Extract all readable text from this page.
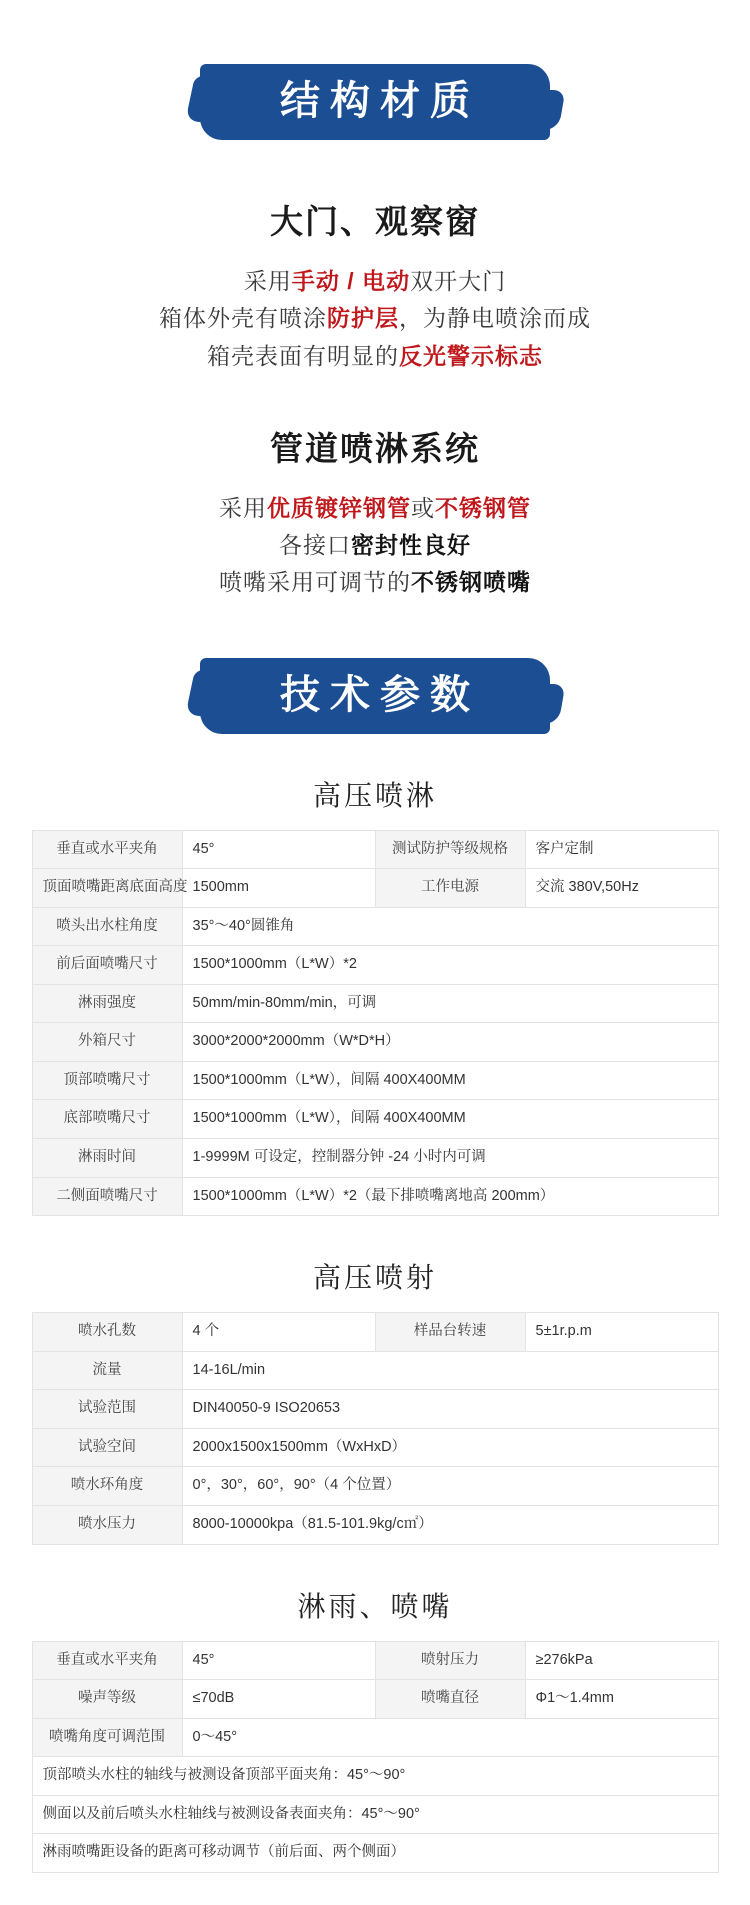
结构材质
大门、观察窗
采用手动 / 电动双开大门
箱体外壳有喷涂防护层，为静电喷涂而成
箱壳表面有明显的反光警示标志
管道喷淋系统
采用优质镀锌钢管或不锈钢管
各接口密封性良好
喷嘴采用可调节的不锈钢喷嘴
技术参数
高压喷淋
垂直或水平夹角	45°	测试防护等级规格	客户定制
顶面喷嘴距离底面高度	1500mm	工作电源	交流 380V,50Hz
喷头出水柱角度	35°～40°圆锥角		
前后面喷嘴尺寸	1500*1000mm（L*W）*2		
淋雨强度	50mm/min-80mm/min，可调		
外箱尺寸	3000*2000*2000mm（W*D*H）		
顶部喷嘴尺寸	1500*1000mm（L*W），间隔 400X400MM		
底部喷嘴尺寸	1500*1000mm（L*W），间隔 400X400MM		
淋雨时间	1-9999M 可设定，控制器分钟 -24 小时内可调		
二侧面喷嘴尺寸	1500*1000mm（L*W）*2（最下排喷嘴离地高 200mm）		
高压喷射
喷水孔数	4 个	样品台转速	5±1r.p.m
流量	14-16L/min		
试验范围	DIN40050-9 ISO20653		
试验空间	2000x1500x1500mm（WxHxD）		
喷水环角度	0°，30°，60°，90°（4 个位置）		
喷水压力	8000-10000kpa（81.5-101.9kg/c㎡）		
淋雨、喷嘴
垂直或水平夹角	45°	喷射压力	≥276kPa
噪声等级	≤70dB	喷嘴直径	Φ1～1.4mm
喷嘴角度可调范围	0～45°		
顶部喷头水柱的轴线与被测设备顶部平面夹角：45°～90°			
侧面以及前后喷头水柱轴线与被测设备表面夹角：45°～90°			
淋雨喷嘴距设备的距离可移动调节（前后面、两个侧面）			
